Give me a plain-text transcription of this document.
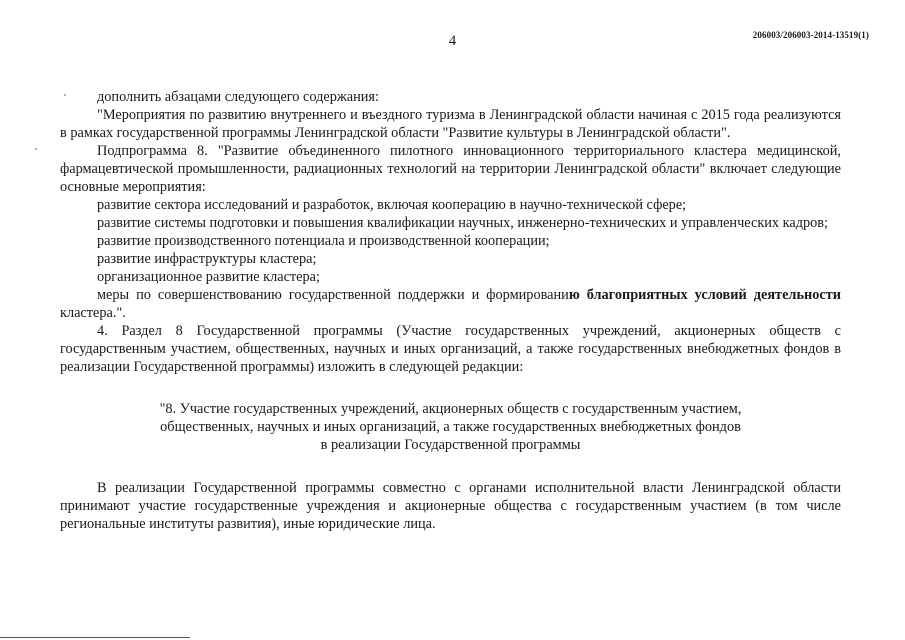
4	206003/206003-2014-13519(1)

дополнить абзацами следующего содержания:

"Мероприятия по развитию внутреннего и въездного туризма в Ленинградской области начиная с 2015 года реализуются в рамках государственной программы Ленинградской области "Развитие культуры в Ленинградской области".

Подпрограмма 8. "Развитие объединенного пилотного инновационного территориального кластера медицинской, фармацевтической промышленности, радиационных технологий на территории Ленинградской области" включает следующие основные мероприятия:

развитие сектора исследований и разработок, включая кооперацию в научно-технической сфере;

развитие системы подготовки и повышения квалификации научных, инженерно-технических и управленческих кадров;

развитие производственного потенциала и производственной кооперации;

развитие инфраструктуры кластера;

организационное развитие кластера;

меры по совершенствованию государственной поддержки и формированию благоприятных условий деятельности кластера.".

4. Раздел 8 Государственной программы (Участие государственных учреждений, акционерных обществ с государственным участием, общественных, научных и иных организаций, а также государственных внебюджетных фондов в реализации Государственной программы) изложить в следующей редакции:

"8. Участие государственных учреждений, акционерных обществ с государственным участием,
общественных, научных и иных организаций, а также государственных внебюджетных фондов
в реализации Государственной программы

В реализации Государственной программы совместно с органами исполнительной власти Ленинградской области принимают участие государственные учреждения и акционерные общества с государственным участием (в том числе региональные институты развития), иные юридические лица.
